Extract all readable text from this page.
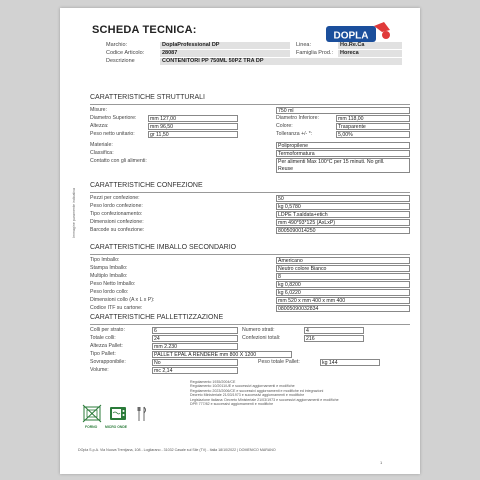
SCHEDA TECNICA:	DOPLA
Marchio:	DoplaProfessional DP	Linea:	Ho.Re.Ca
Codice Articolo:	28087	Famiglia Prod.:	Horeca
Descrizione	CONTENITORI PP 750ML 50PZ TRA DP
Immagine puramente indicativa
CARATTERISTICHE STRUTTURALI
Misure:	750 ml
Diametro Superiore:	mm 127,00	Diametro Inferiore:	mm 118,00
Altezza:	mm 96,50	Colore:	Trasparente
Peso netto unitario:	gr 11,50	Tolleranza +/- *:	5,00%
Materiale:	Polipropilene
Classifica:	Termoformatura
Contatto con gli alimenti:	Per alimenti Max 100°C per 15 minuti. No grill.
Reuse
CARATTERISTICHE CONFEZIONE
Pezzi per confezione:	50
Peso lordo confezione:	kg 0,5780
Tipo confezionamento:	LDPE T.saldata+etich
Dimensioni confezione:	mm 490*93*125 (AxLxP)
Barcode su confezione:	8005090014250
CARATTERISTICHE IMBALLO SECONDARIO
Tipo Imballo:	Americano
Stampa Imballo:	Neutro colore Bianco
Multiplo Imballo:	8
Peso Netto Imballo:	kg 0,8200
Peso lordo collo:	kg 6,0220
Dimensioni collo (A x L x P):	mm 520 x mm 400 x mm 400
Codice ITF su cartone:	08005090032834
CARATTERISTICHE PALLETTIZZAZIONE
Colli per strato:	6	Numero strati:	4
Totale colli:	24	Confezioni totali:	216
Altezza Pallet:	mm 2.230
Tipo Pallet:	PALLET EPAL A RENDERE mm 800 X 1200
Sovrapponibile:	No	Peso totale Pallet:	kg 144
Volume:	mc 2,14
FORNO MICRO ONDE
Regolamento 1935/2004/CE
Regolamento 10/2011/UE e successivi aggiornamenti e modifiche
Regolamento 2023/2006/CE e successivi aggiornamenti e modifiche ed integrazioni
Decreto Ministeriale 21/03/1973 e successivi aggiornamenti e modifiche
Legislazione italiana: Decreto Ministeriale 21/03/1973 e successivi aggiornamenti e modifiche
DPR 777/82 e successivi aggiornamenti e modifiche
DOpla S.p.A. Via Nuova Trentjana, 108 - Logliarano - 31032 Casale sul Sile (TV) - Italia 18/10/2022 | DOMENICO MARANO
1
